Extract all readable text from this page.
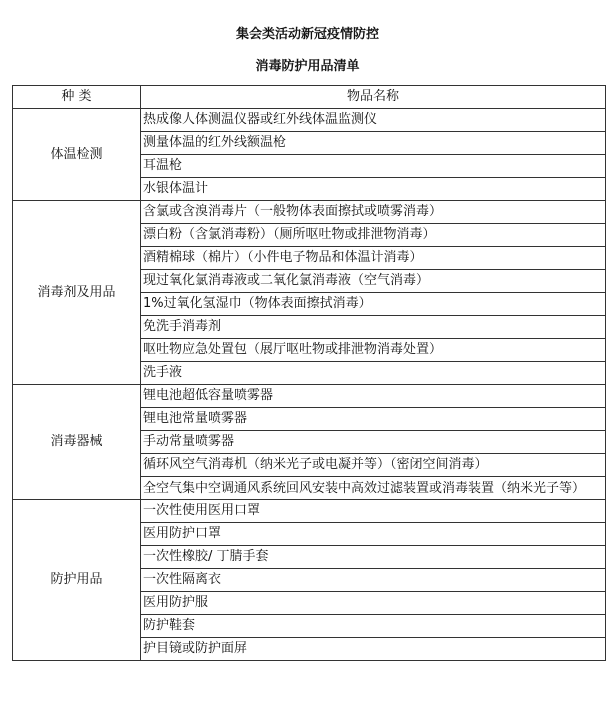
集会类活动新冠疫情防控
消毒防护用品清单
种 类	物品名称
体温检测	热成像人体测温仪器或红外线体温监测仪
	测量体温的红外线额温枪
	耳温枪
	水银体温计
消毒剂及用品	含氯或含溴消毒片（一般物体表面擦拭或喷雾消毒）
	漂白粉（含氯消毒粉）（厕所呕吐物或排泄物消毒）
	酒精棉球（棉片）（小件电子物品和体温计消毒）
	现过氧化氯消毒液或二氧化氯消毒液（空气消毒）
	1%过氧化氢湿巾（物体表面擦拭消毒）
	免洗手消毒剂
	呕吐物应急处置包（展厅呕吐物或排泄物消毒处置）
	洗手液
消毒器械	锂电池超低容量喷雾器
	锂电池常量喷雾器
	手动常量喷雾器
	循环风空气消毒机（纳米光子或电凝并等）（密闭空间消毒）
	全空气集中空调通风系统回风安装中高效过滤装置或消毒装置（纳米光子等）
防护用品	一次性使用医用口罩
	医用防护口罩
	一次性橡胶/ 丁腈手套
	一次性隔离衣
	医用防护服
	防护鞋套
	护目镜或防护面屏
